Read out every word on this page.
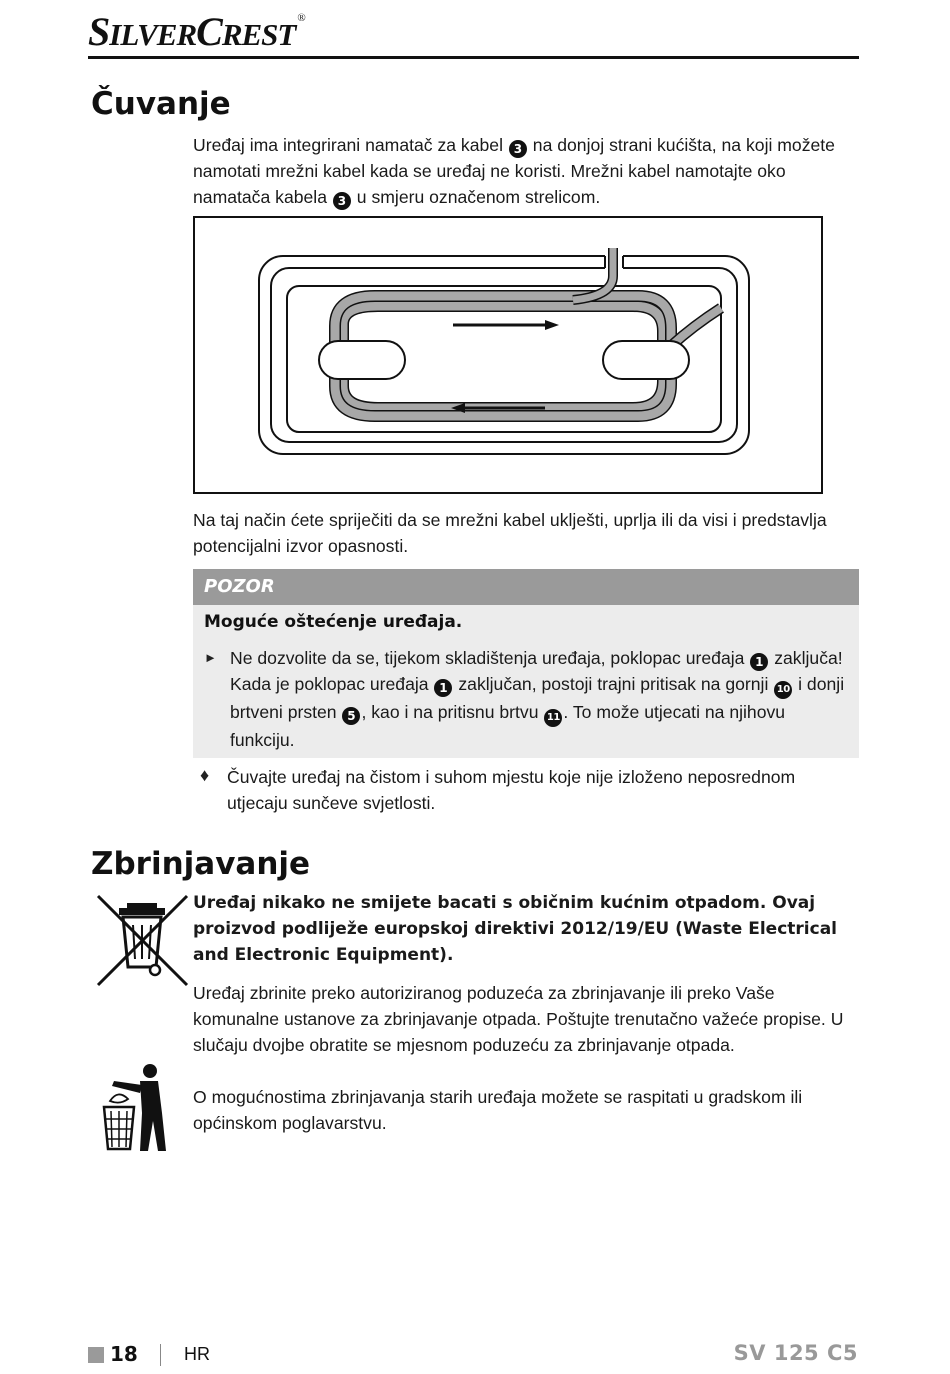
SILVERCREST ®
Čuvanje

Uređaj ima integrirani namatač za kabel 3 na donjoj strani kućišta, na koji možete namotati mrežni kabel kada se uređaj ne koristi. Mrežni kabel namotajte oko namatača kabela 3 u smjeru označenom strelicom.

Na taj način ćete spriječiti da se mrežni kabel uklješti, uprlja ili da visi i predstavlja potencijalni izvor opasnosti.

POZOR

Moguće oštećenje uređaja.

► Ne dozvolite da se, tijekom skladištenja uređaja, poklopac uređaja 1 zaključa! Kada je poklopac uređaja 1 zaključan, postoji trajni pritisak na gornji 10 i donji brtveni prsten 5 , kao i na pritisnu brtvu 11 . To može utjecati na njihovu funkciju.

♦ Čuvajte uređaj na čistom i suhom mjestu koje nije izloženo neposrednom utjecaju sunčeve svjetlosti.

Zbrinjavanje

Uređaj nikako ne smijete bacati s običnim kućnim otpadom. Ovaj proizvod podliježe europskoj direktivi 2012/19/EU (Waste Electrical and Electronic Equipment).

Uređaj zbrinite preko autoriziranog poduzeća za zbrinjavanje ili preko Vaše komunalne ustanove za zbrinjavanje otpada. Poštujte trenutačno važeće propise. U slučaju dvojbe obratite se mjesnom poduzeću za zbrinjavanje otpada.

O mogućnostima zbrinjavanja starih uređaja možete se raspitati u gradskom ili općinskom poglavarstvu.

18	HR	SV 125 C5
